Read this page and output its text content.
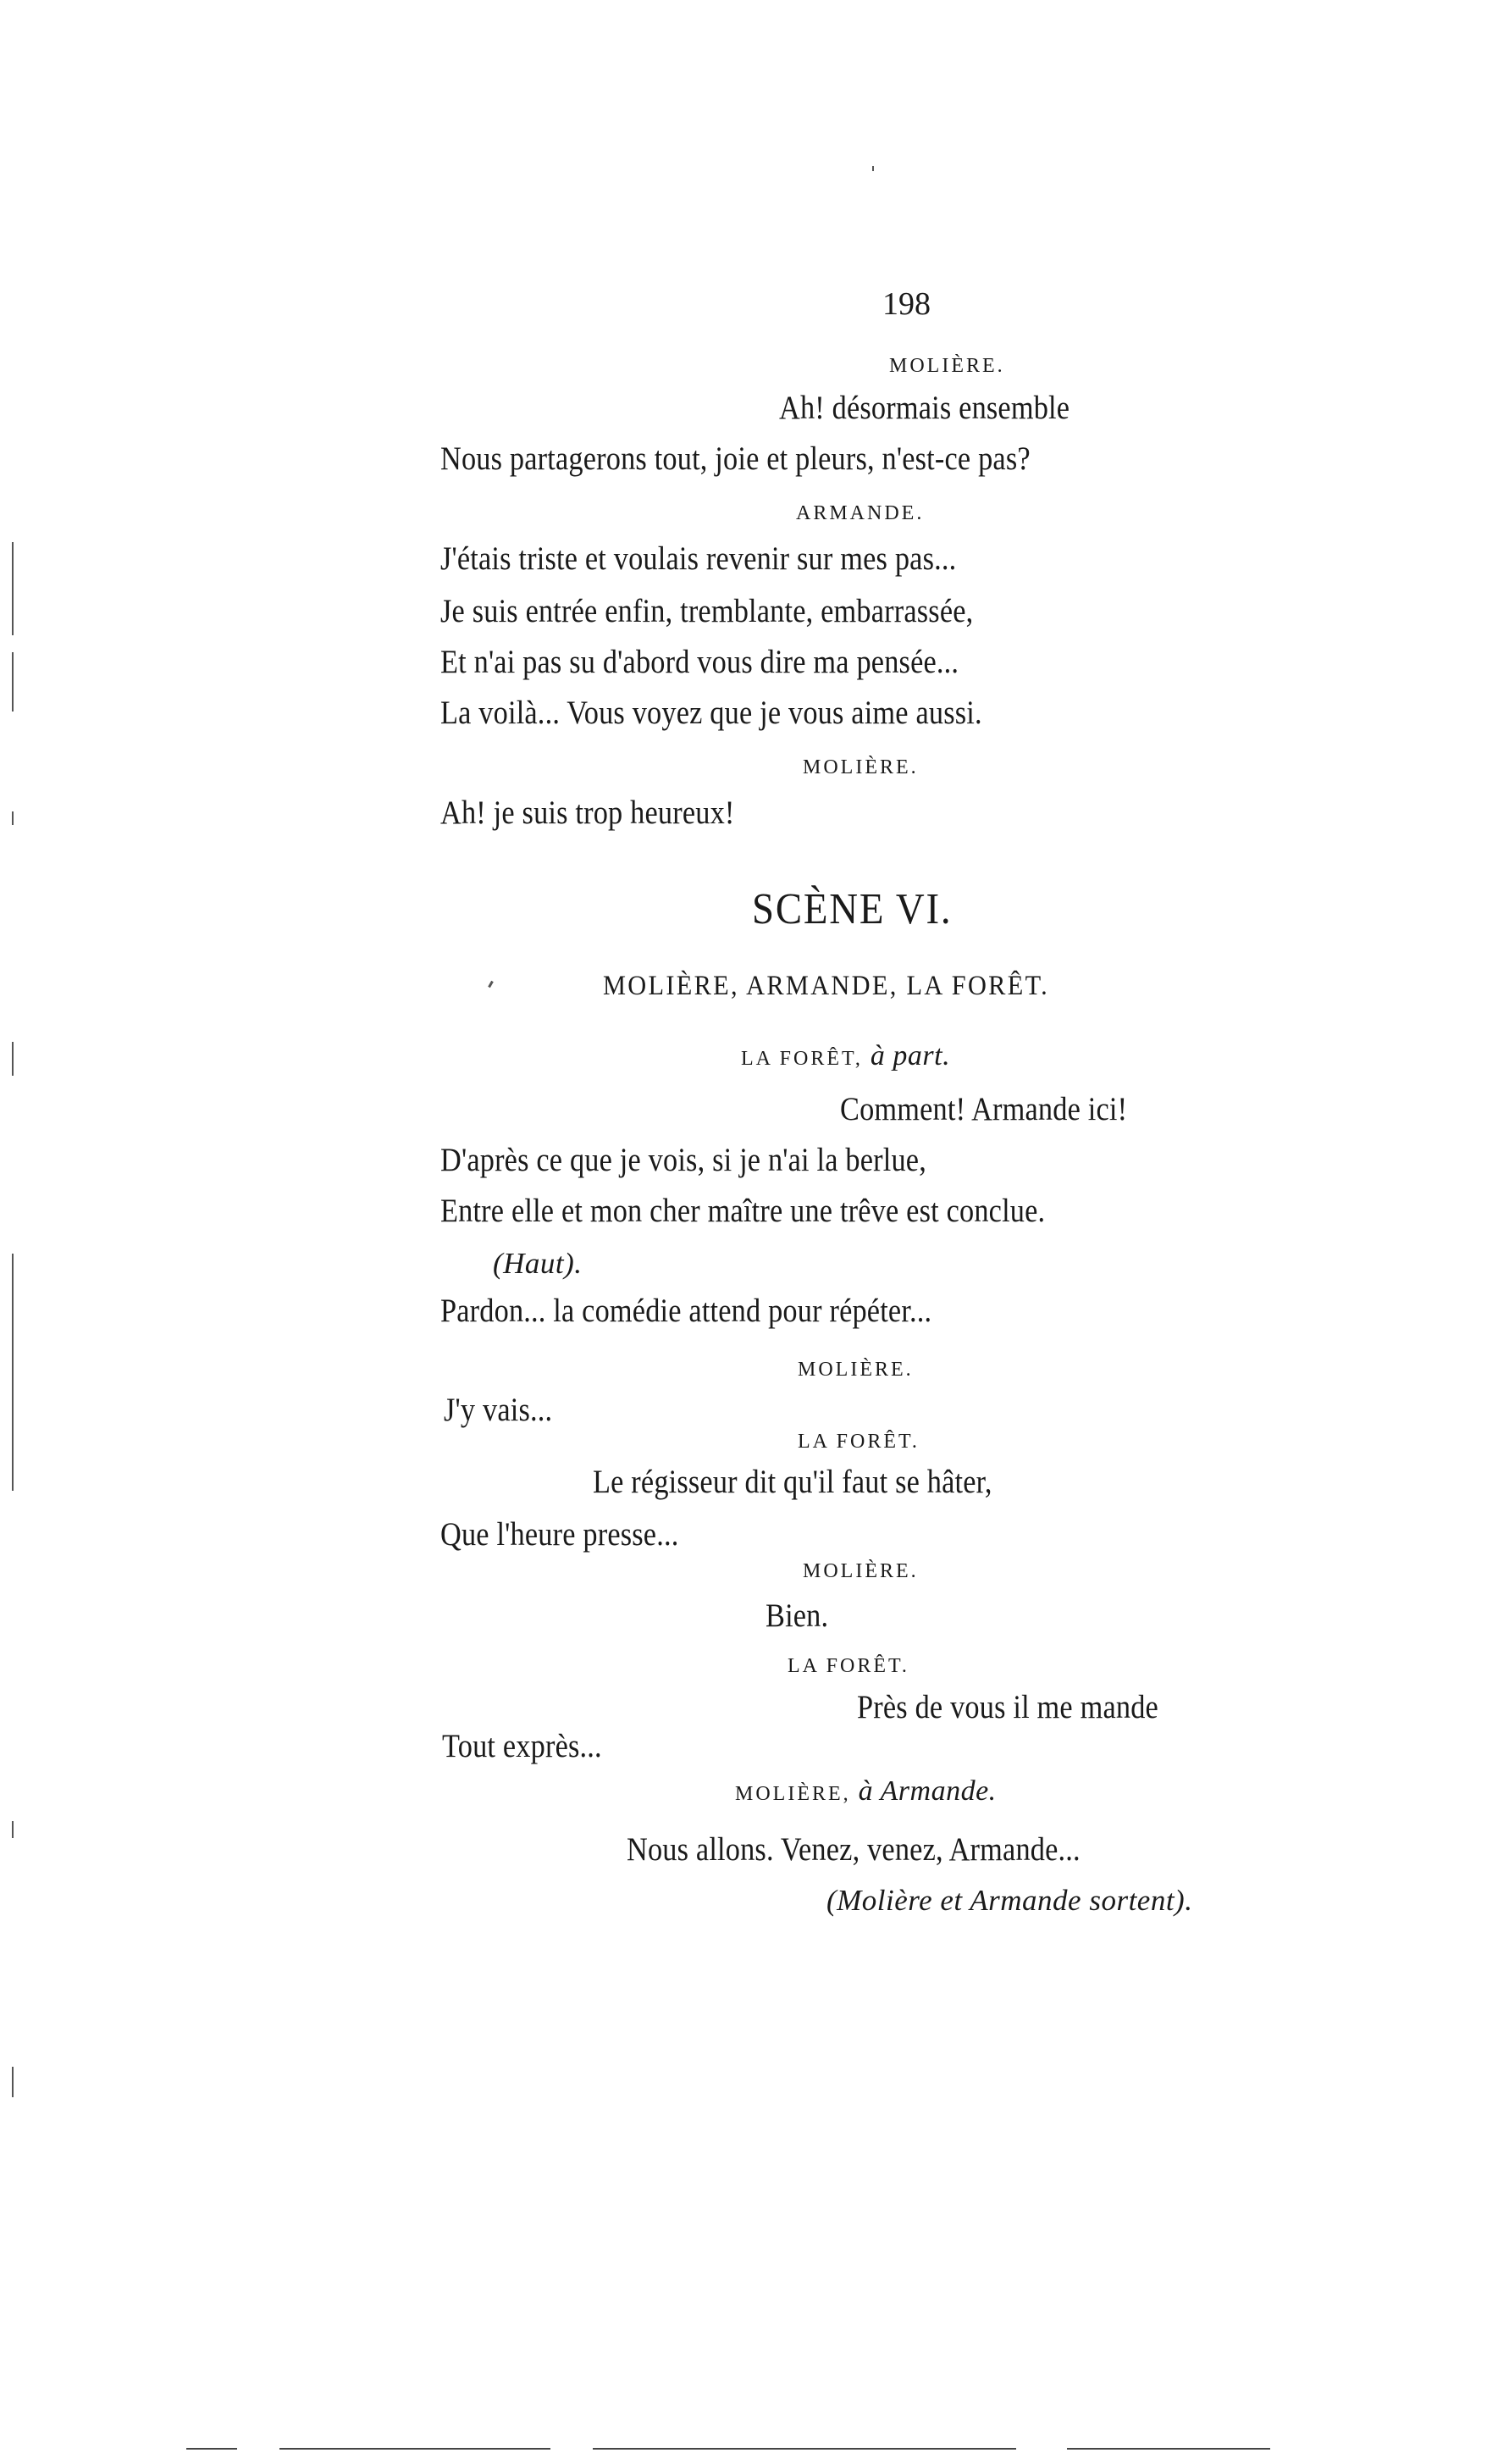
198
MOLIÈRE.
Ah! désormais ensemble
Nous partagerons tout, joie et pleurs, n'est-ce pas?
ARMANDE.
J'étais triste et voulais revenir sur mes pas...
Je suis entrée enfin, tremblante, embarrassée,
Et n'ai pas su d'abord vous dire ma pensée...
La voilà... Vous voyez que je vous aime aussi.
MOLIÈRE.
Ah! je suis trop heureux!
SCÈNE VI.
MOLIÈRE, ARMANDE, LA FORÊT.
LA FORÊT, à part.
Comment! Armande ici!
D'après ce que je vois, si je n'ai la berlue,
Entre elle et mon cher maître une trêve est conclue.
(Haut).
Pardon... la comédie attend pour répéter...
MOLIÈRE.
J'y vais...
LA FORÊT.
Le régisseur dit qu'il faut se hâter,
Que l'heure presse...
MOLIÈRE.
Bien.
LA FORÊT.
Près de vous il me mande
Tout exprès...
MOLIÈRE, à Armande.
Nous allons. Venez, venez, Armande...
(Molière et Armande sortent).
